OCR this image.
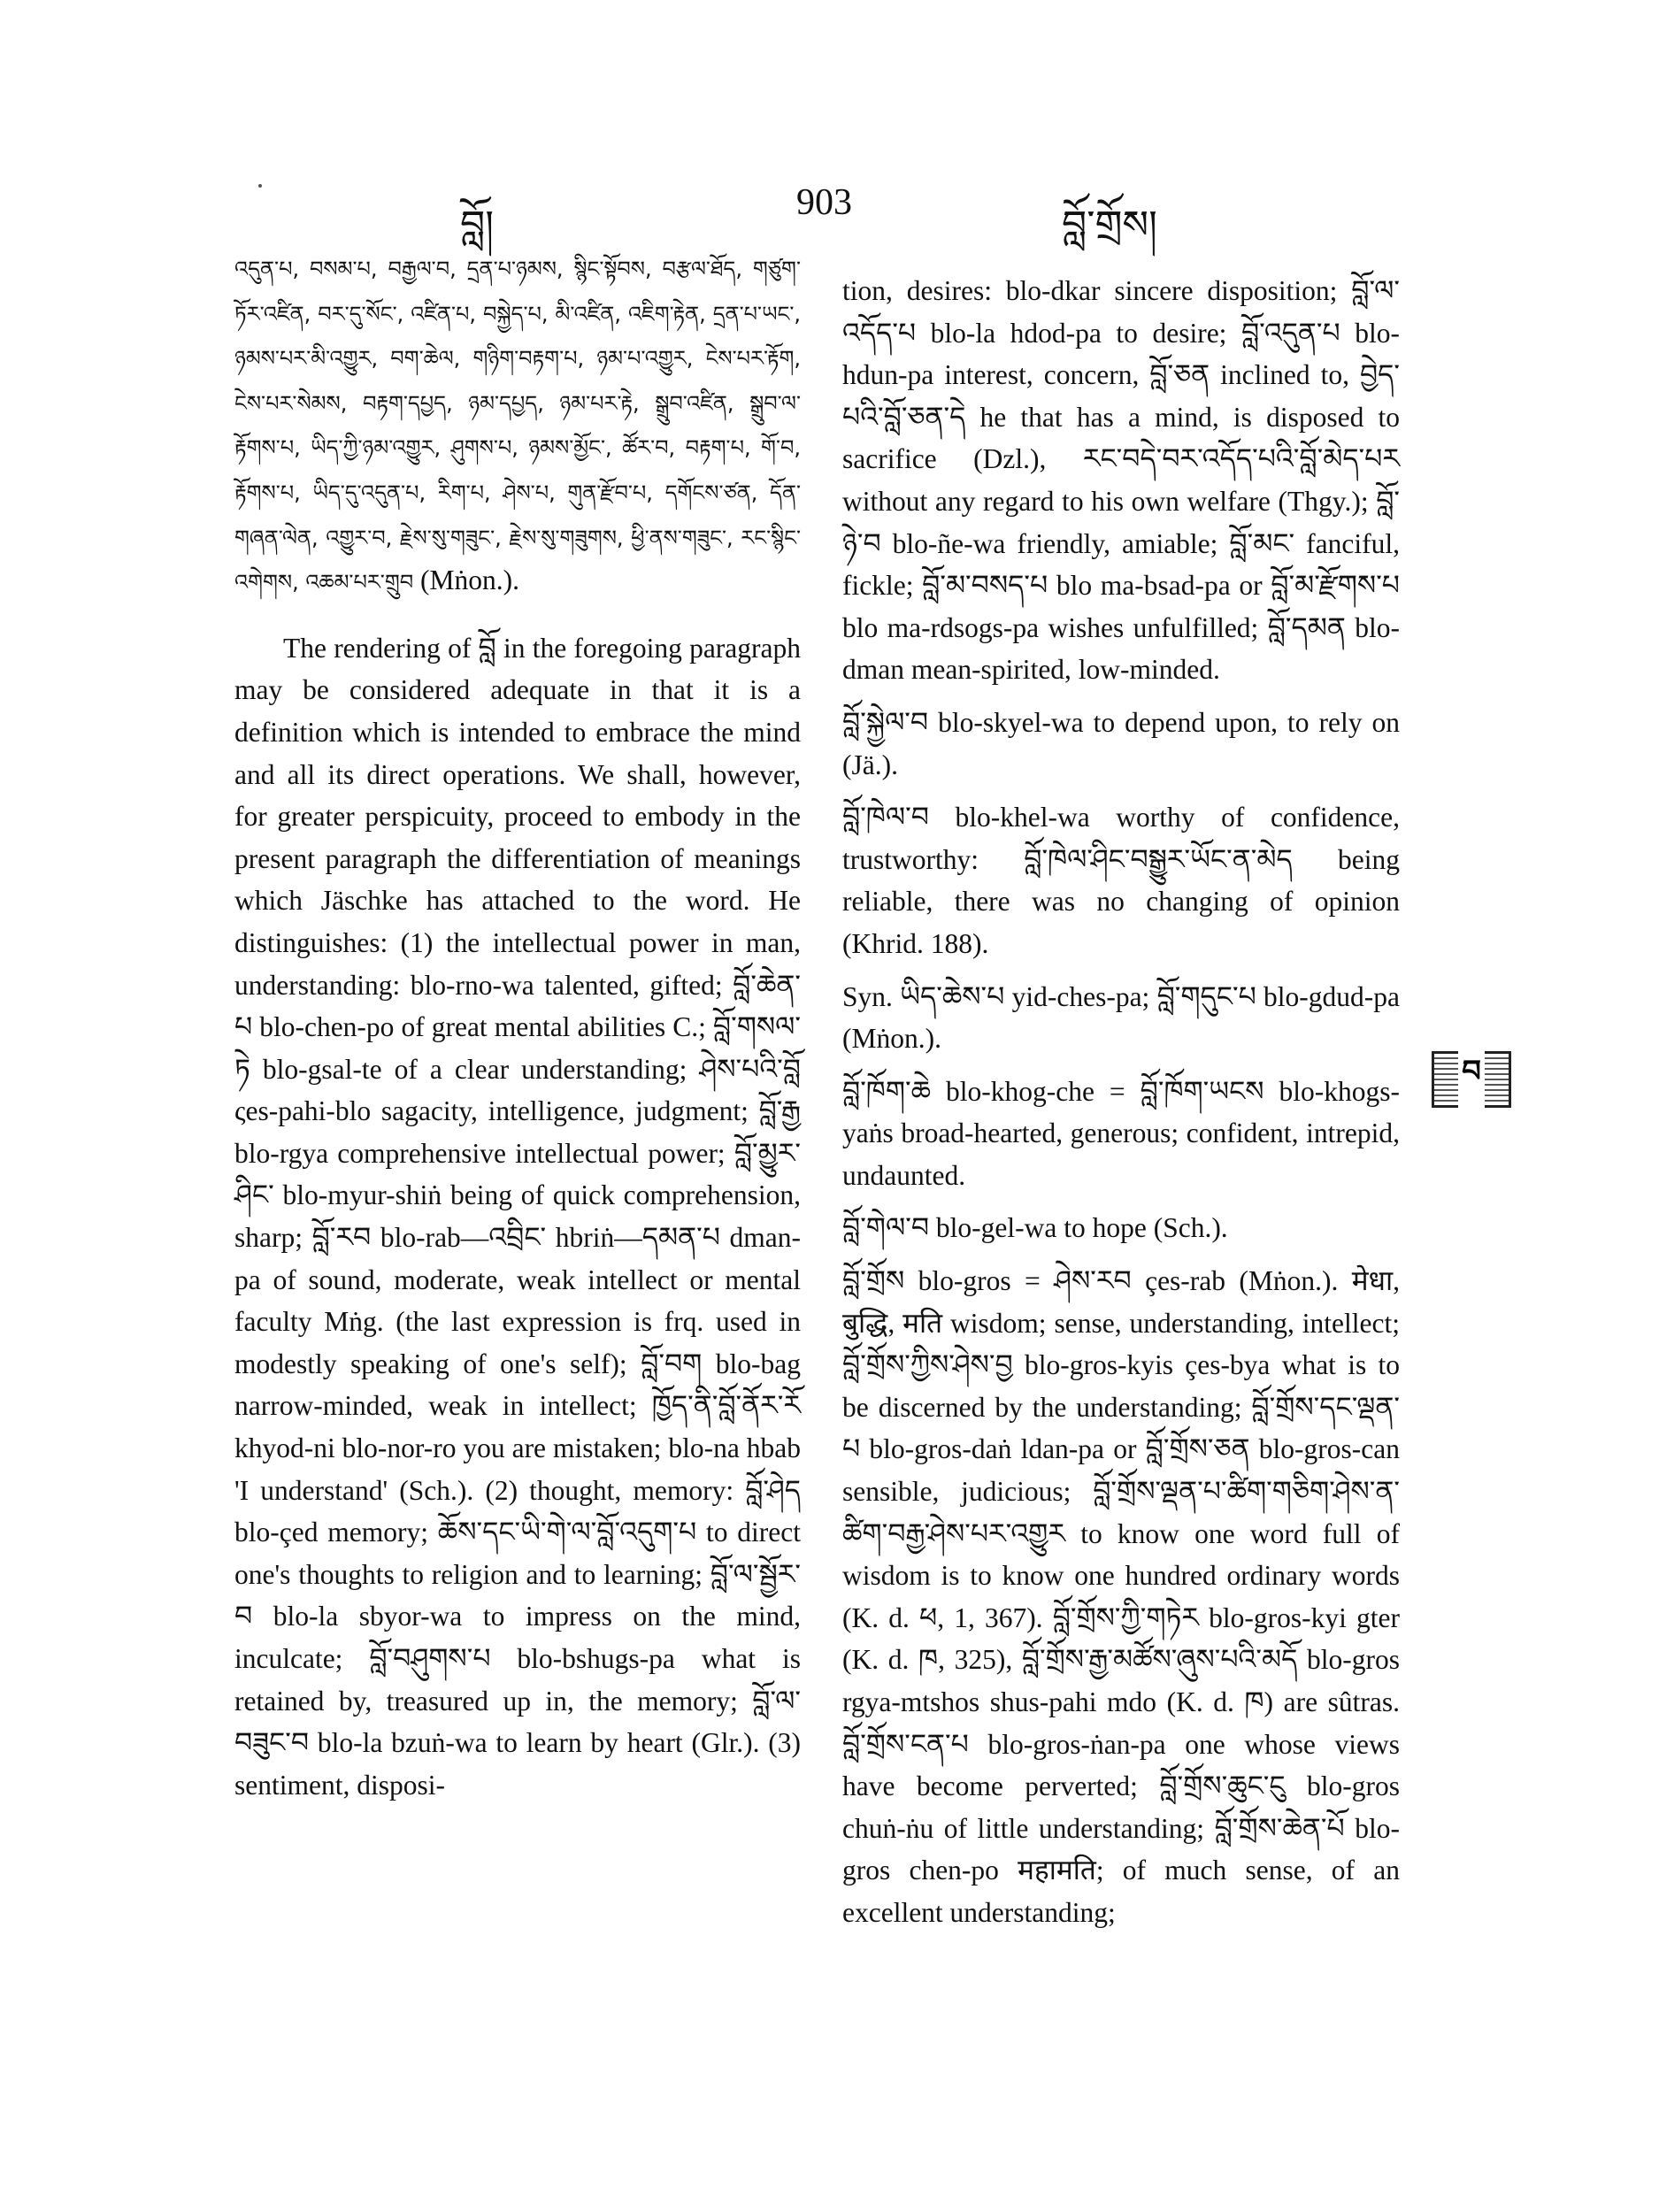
བློ།	903	བློ་གྲོས།

འདུན་པ, བསམ་པ, བརྒྱལ་བ, དྲན་པ་ཉམས, སྙིང་སྟོབས, བརྩལ་ཐོད, གཙུག་ཏོར་འཛིན, བར་དུ་སོང་, འཛིན་པ, བསྐྱེད་པ, མི་འཛིན, འཇིག་རྟེན, དྲན་པ་ཡང་, ཉམས་པར་མི་འགྱུར, བག་ཆེལ, གཉིག་བརྟག་པ, ཉམ་པ་འགྱུར, ངེས་པར་རྟོག, ངེས་པར་སེམས, བརྟག་དཔྱད, ཉམ་དཔྱད, ཉམ་པར་རྟེ, སྒྲུབ་འཛིན, སྒྲུབ་ལ་རྟོགས་པ, ཡིད་ཀྱི་ཉམ་འགྱུར, ཤུགས་པ, ཉམས་མྱོང་, ཚོར་བ, བརྟག་པ, གོ་བ, རྟོགས་པ, ཡིད་དུ་འདུན་པ, རིག་པ, ཤེས་པ, གུན་རྫོབ་པ, དགོངས་ཙན, དོན་གཞན་ལེན, འགྱུར་བ, རྗེས་སུ་གཟུང་, རྗེས་སུ་གཟུགས, ཕྱི་ནས་གཟུང་, རང་སྙིང་འགེགས, འཆམ་པར་གྲུབ (Mṅon.).

The rendering of བློ in the foregoing paragraph may be considered adequate in that it is a definition which is intended to embrace the mind and all its direct operations. We shall, however, for greater perspicuity, proceed to embody in the present paragraph the differentiation of meanings which Jäschke has attached to the word. He distinguishes: (1) the intellectual power in man, understanding: blo-rno-wa talented, gifted; བློ་ཆེན་པ blo-chen-po of great mental abilities C.; བློ་གསལ་ཏེ blo-gsal-te of a clear understanding; ཤེས་པའི་བློ ςes-pahi-blo sagacity, intelligence, judgment; བློ་རྒྱ blo-rgya comprehensive intellectual power; བློ་མྱུར་ཤིང་ blo-myur-shiṅ being of quick comprehension, sharp; བློ་རབ blo-rab—འབྲིང་ hbriṅ—དམན་པ dman-pa of sound, moderate, weak intellect or mental faculty Mṅg. (the last expression is frq. used in modestly speaking of one's self); བློ་བག blo-bag narrow-minded, weak in intellect; ཁྱོད་ནི་བློ་ནོར་རོ khyod-ni blo-nor-ro you are mistaken; blo-na hbab 'I understand' (Sch.). (2) thought, memory: བློ་ཤེད blo-çed memory; ཆོས་དང་ཡི་གེ་ལ་བློ་འདུག་པ to direct one's thoughts to religion and to learning; བློ་ལ་སྦྱོར་བ blo-la sbyor-wa to impress on the mind, inculcate; བློ་བཤུགས་པ blo-bshugs-pa what is retained by, treasured up in, the memory; བློ་ལ་བཟུང་བ blo-la bzuṅ-wa to learn by heart (Glr.). (3) sentiment, disposi-

tion, desires: blo-dkar sincere disposition; བློ་ལ་འདོད་པ blo-la hdod-pa to desire; བློ་འདུན་པ blo-hdun-pa interest, concern, བློ་ཅན inclined to, བྱེད་པའི་བློ་ཅན་དེ he that has a mind, is disposed to sacrifice (Dzl.), རང་བདེ་བར་འདོད་པའི་བློ་མེད་པར without any regard to his own welfare (Thgy.); བློ་ཉེ་བ blo-ñe-wa friendly, amiable; བློ་མང་ fanciful, fickle; བློ་མ་བསད་པ blo ma-bsad-pa or བློ་མ་རྫོགས་པ blo ma-rdsogs-pa wishes unfulfilled; བློ་དམན blo-dman mean-spirited, low-minded.

བློ་སྐྱེལ་བ blo-skyel-wa to depend upon, to rely on (Jä.).

བློ་ཁེལ་བ blo-khel-wa worthy of confidence, trustworthy: བློ་ཁེལ་ཤིང་བསྒྱུར་ཡོང་ན་མེད being reliable, there was no changing of opinion (Khrid. 188).

Syn. ཡིད་ཆེས་པ yid-ches-pa; བློ་གདུང་པ blo-gdud-pa (Mṅon.).

བློ་ཁོག་ཆེ blo-khog-che = བློ་ཁོག་ཡངས blo-khogs-yaṅs broad-hearted, generous; confident, intrepid, undaunted.

བློ་གེལ་བ blo-gel-wa to hope (Sch.).

བློ་གྲོས blo-gros = ཤེས་རབ çes-rab (Mṅon.). मेधा, बुद्धि, मति wisdom; sense, understanding, intellect; བློ་གྲོས་ཀྱིས་ཤེས་བྱ blo-gros-kyis çes-bya what is to be discerned by the understanding; བློ་གྲོས་དང་ལྡན་པ blo-gros-daṅ ldan-pa or བློ་གྲོས་ཅན blo-gros-can sensible, judicious; བློ་གྲོས་ལྡན་པ་ཚིག་གཅིག་ཤེས་ན་ཚིག་བརྒྱ་ཤེས་པར་འགྱུར to know one word full of wisdom is to know one hundred ordinary words (K. d. ཕ, 1, 367). བློ་གྲོས་ཀྱི་གཏེར blo-gros-kyi gter (K. d. ཁ, 325), བློ་གྲོས་རྒྱ་མཚོས་ཞུས་པའི་མདོ blo-gros rgya-mtshos shus-pahi mdo (K. d. ཁ) are sûtras. བློ་གྲོས་ངན་པ blo-gros-ṅan-pa one whose views have become perverted; བློ་གྲོས་ཆུང་ངུ blo-gros chuṅ-ṅu of little understanding; བློ་གྲོས་ཆེན་པོ blo-gros chen-po महामति; of much sense, of an excellent understanding;

བ
